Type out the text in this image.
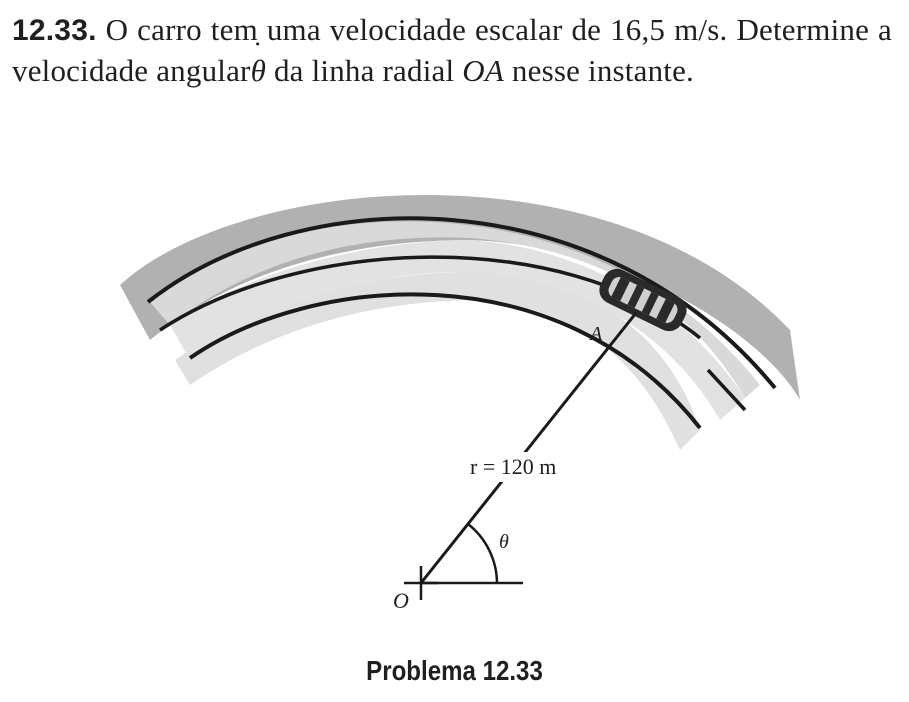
12.33. O carro tem uma velocidade escalar de 16,5 m/s. Determine a velocidade angularθ ˙ da linha radial OA nesse instante.
A
r = 120 m
θ
O
Problema 12.33
